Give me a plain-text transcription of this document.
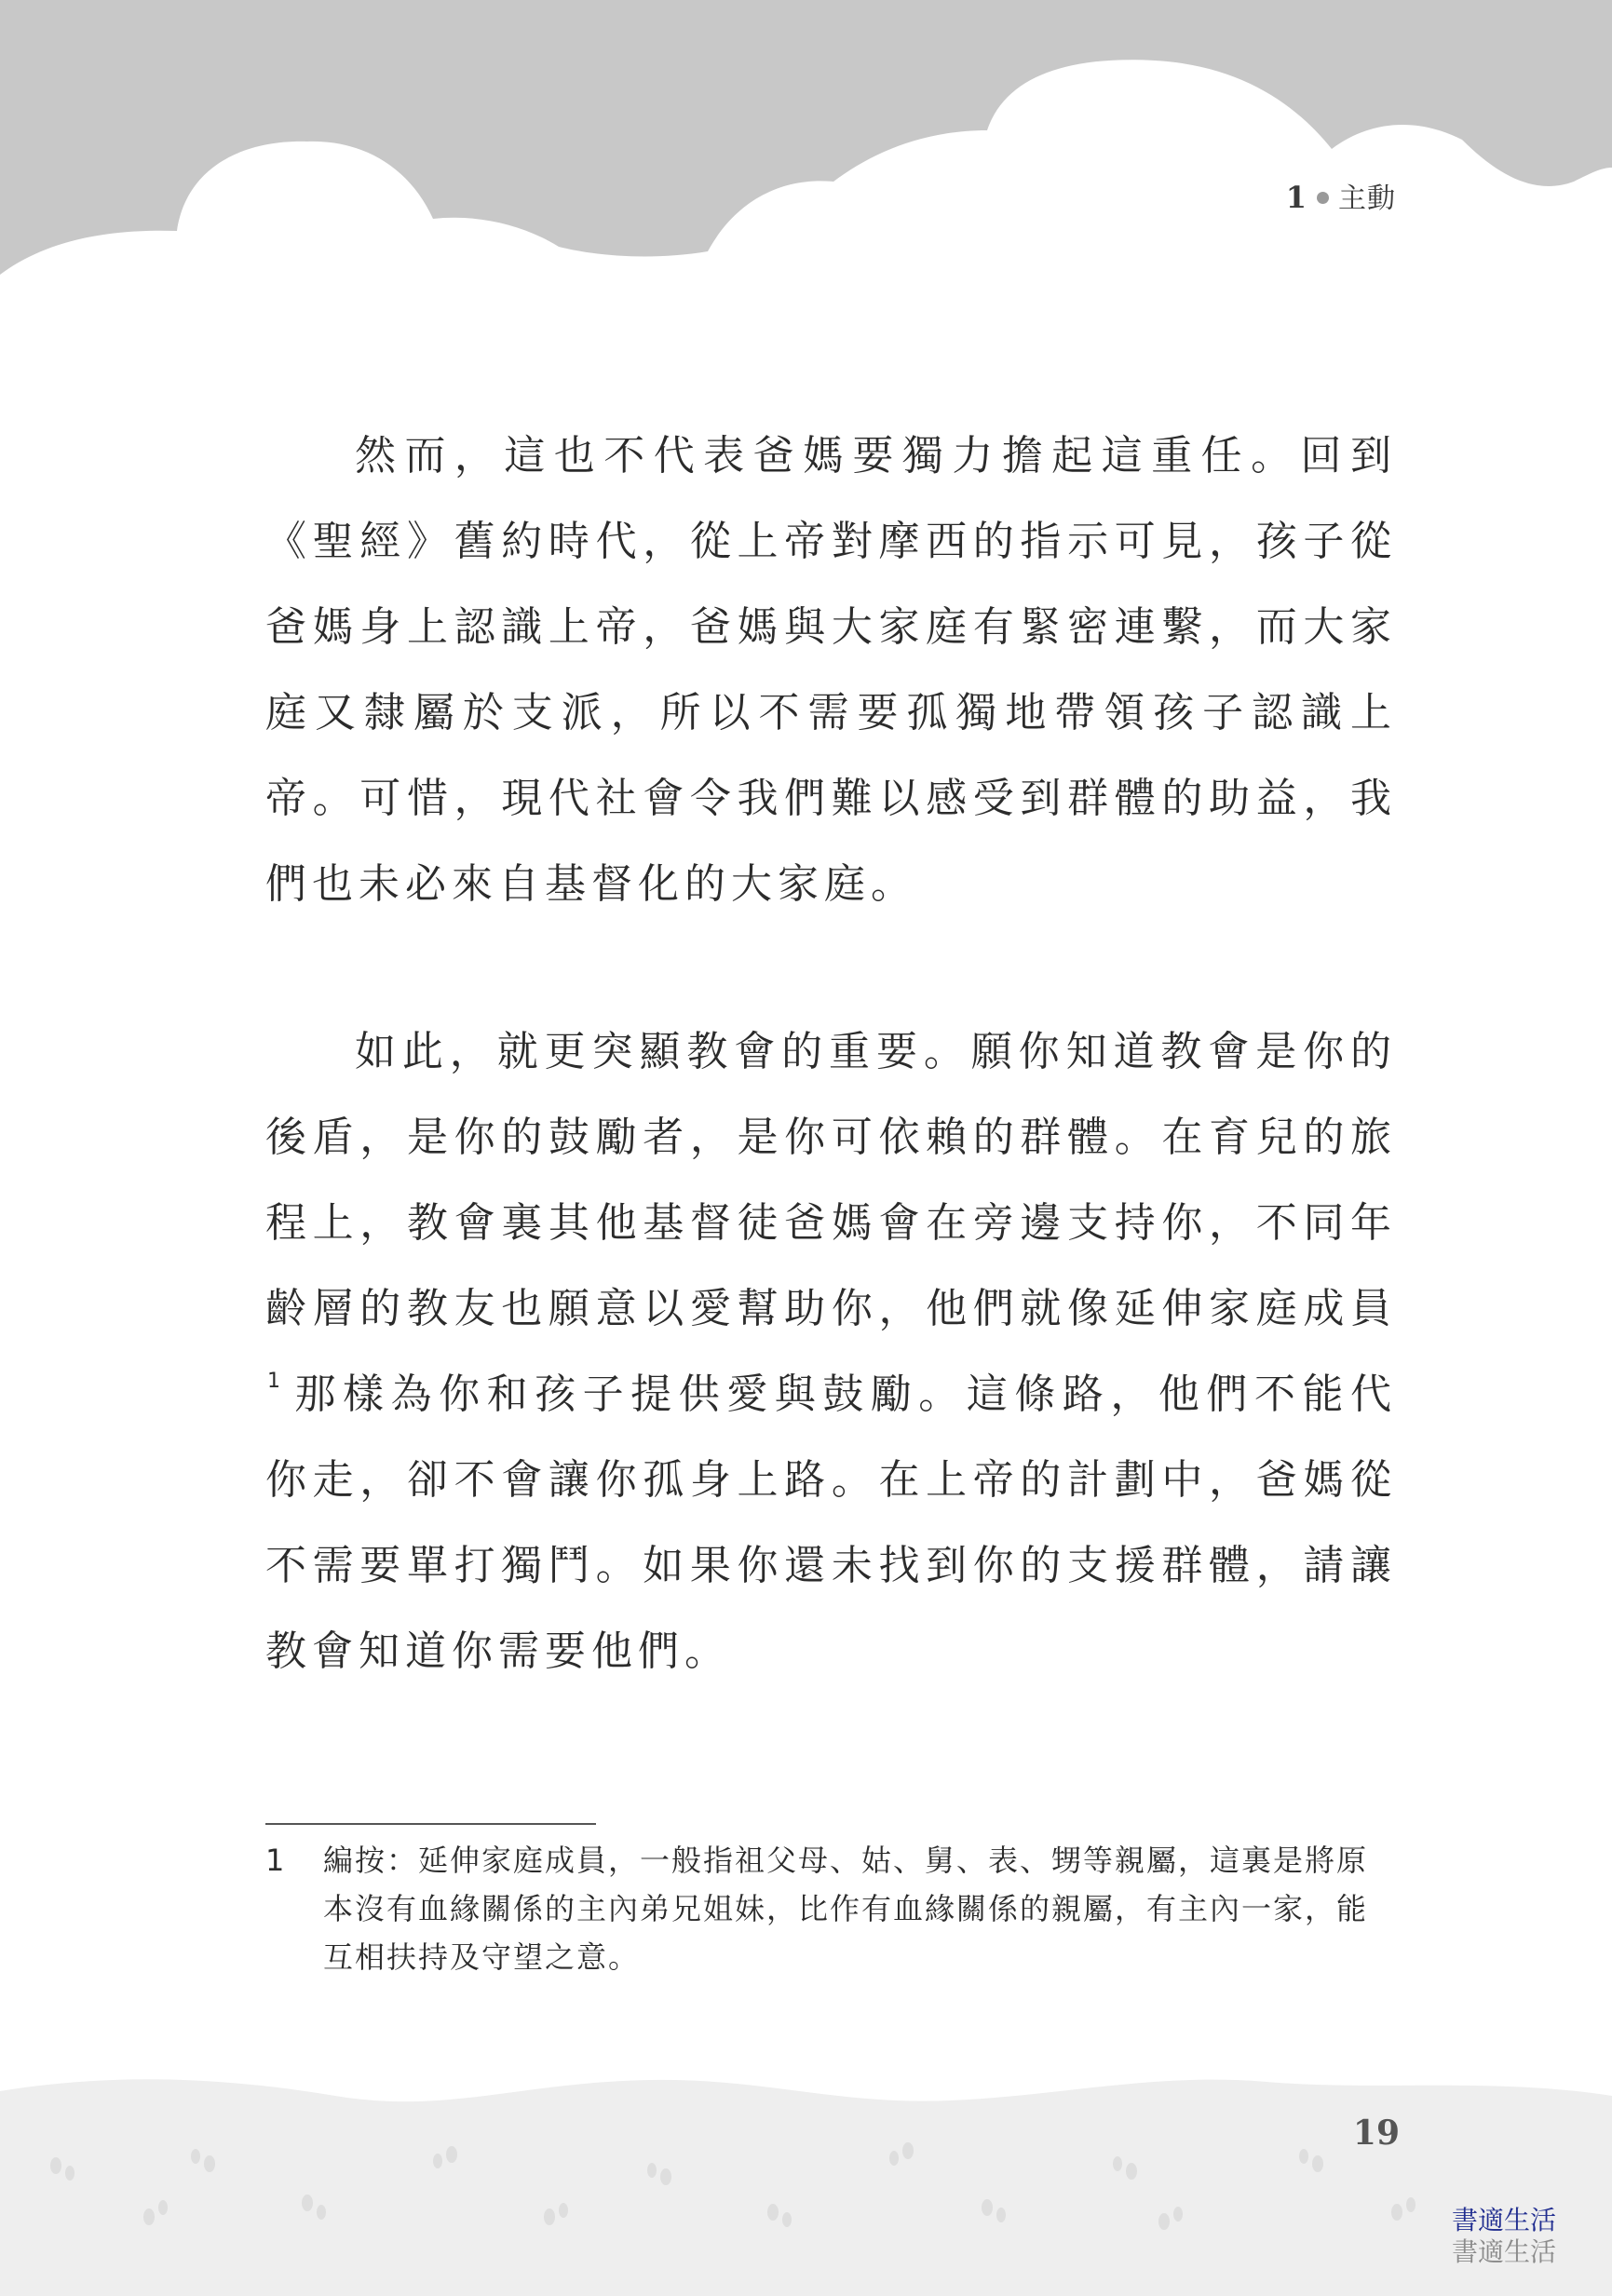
1 主動

然而，這也不代表爸媽要獨力擔起這重任。回到《聖經》舊約時代，從上帝對摩西的指示可見，孩子從爸媽身上認識上帝，爸媽與大家庭有緊密連繫，而大家庭又隸屬於支派，所以不需要孤獨地帶領孩子認識上帝。可惜，現代社會令我們難以感受到群體的助益，我們也未必來自基督化的大家庭。

如此，就更突顯教會的重要。願你知道教會是你的後盾，是你的鼓勵者，是你可依賴的群體。在育兒的旅程上，教會裏其他基督徒爸媽會在旁邊支持你，不同年齡層的教友也願意以愛幫助你，他們就像延伸家庭成員$^1$ 那樣為你和孩子提供愛與鼓勵。這條路，他們不能代你走，卻不會讓你孤身上路。在上帝的計劃中，爸媽從不需要單打獨鬥。如果你還未找到你的支援群體，請讓教會知道你需要他們。

1 編按：延伸家庭成員，一般指祖父母、姑、舅、表、甥等親屬，這裏是將原本沒有血緣關係的主內弟兄姐妹，比作有血緣關係的親屬，有主內一家，能互相扶持及守望之意。
19
書適生活
書適生活
